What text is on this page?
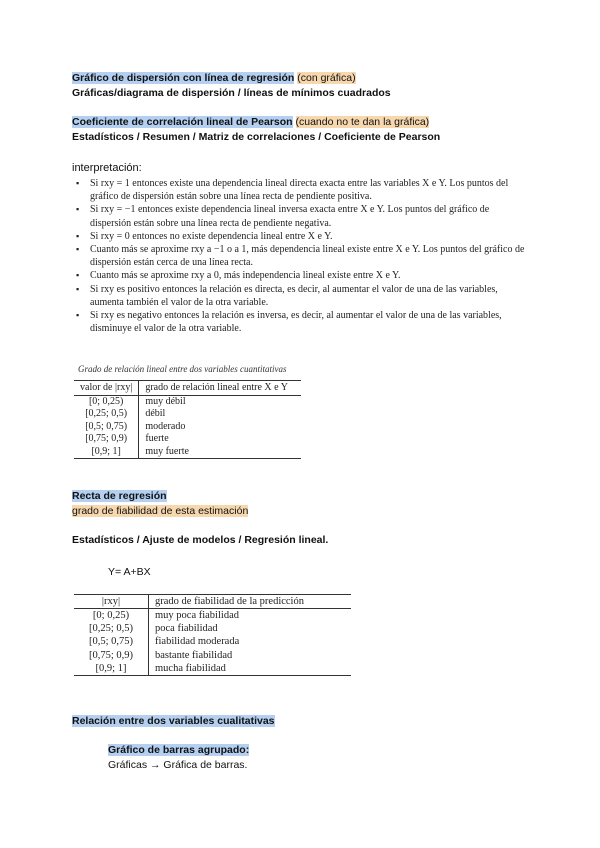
Gráfico de dispersión con línea de regresión (con gráfica)
Gráficas/diagrama de dispersión / líneas de mínimos cuadrados
Coeficiente de correlación lineal de Pearson (cuando no te dan la gráfica)
Estadísticos / Resumen / Matriz de correlaciones / Coeficiente de Pearson
interpretación:
▪ Si rxy = 1 entonces existe una dependencia lineal directa exacta entre las variables X e Y. Los puntos del gráfico de dispersión están sobre una línea recta de pendiente positiva.
▪ Si rxy = −1 entonces existe dependencia lineal inversa exacta entre X e Y. Los puntos del gráfico de dispersión están sobre una línea recta de pendiente negativa.
▪ Si rxy = 0 entonces no existe dependencia lineal entre X e Y.
▪ Cuanto más se aproxime rxy a −1 o a 1, más dependencia lineal existe entre X e Y. Los puntos del gráfico de dispersión están cerca de una línea recta.
▪ Cuanto más se aproxime rxy a 0, más independencia lineal existe entre X e Y.
▪ Si rxy es positivo entonces la relación es directa, es decir, al aumentar el valor de una de las variables, aumenta también el valor de la otra variable.
▪ Si rxy es negativo entonces la relación es inversa, es decir, al aumentar el valor de una de las variables, disminuye el valor de la otra variable.
Grado de relación lineal entre dos variables cuantitativas
valor de |rxy|	grado de relación lineal entre X e Y
[0; 0,25)	muy débil
[0,25; 0,5)	débil
[0,5; 0,75)	moderado
[0,75; 0,9)	fuerte
[0,9; 1]	muy fuerte
Recta de regresión
grado de fiabilidad de esta estimación
Estadísticos / Ajuste de modelos / Regresión lineal.
Y= A+BX
|rxy|	grado de fiabilidad de la predicción
[0; 0,25)	muy poca fiabilidad
[0,25; 0,5)	poca fiabilidad
[0,5; 0,75)	fiabilidad moderada
[0,75; 0,9)	bastante fiabilidad
[0,9; 1]	mucha fiabilidad
Relación entre dos variables cualitativas
Gráfico de barras agrupado:
Gráficas → Gráfica de barras.
